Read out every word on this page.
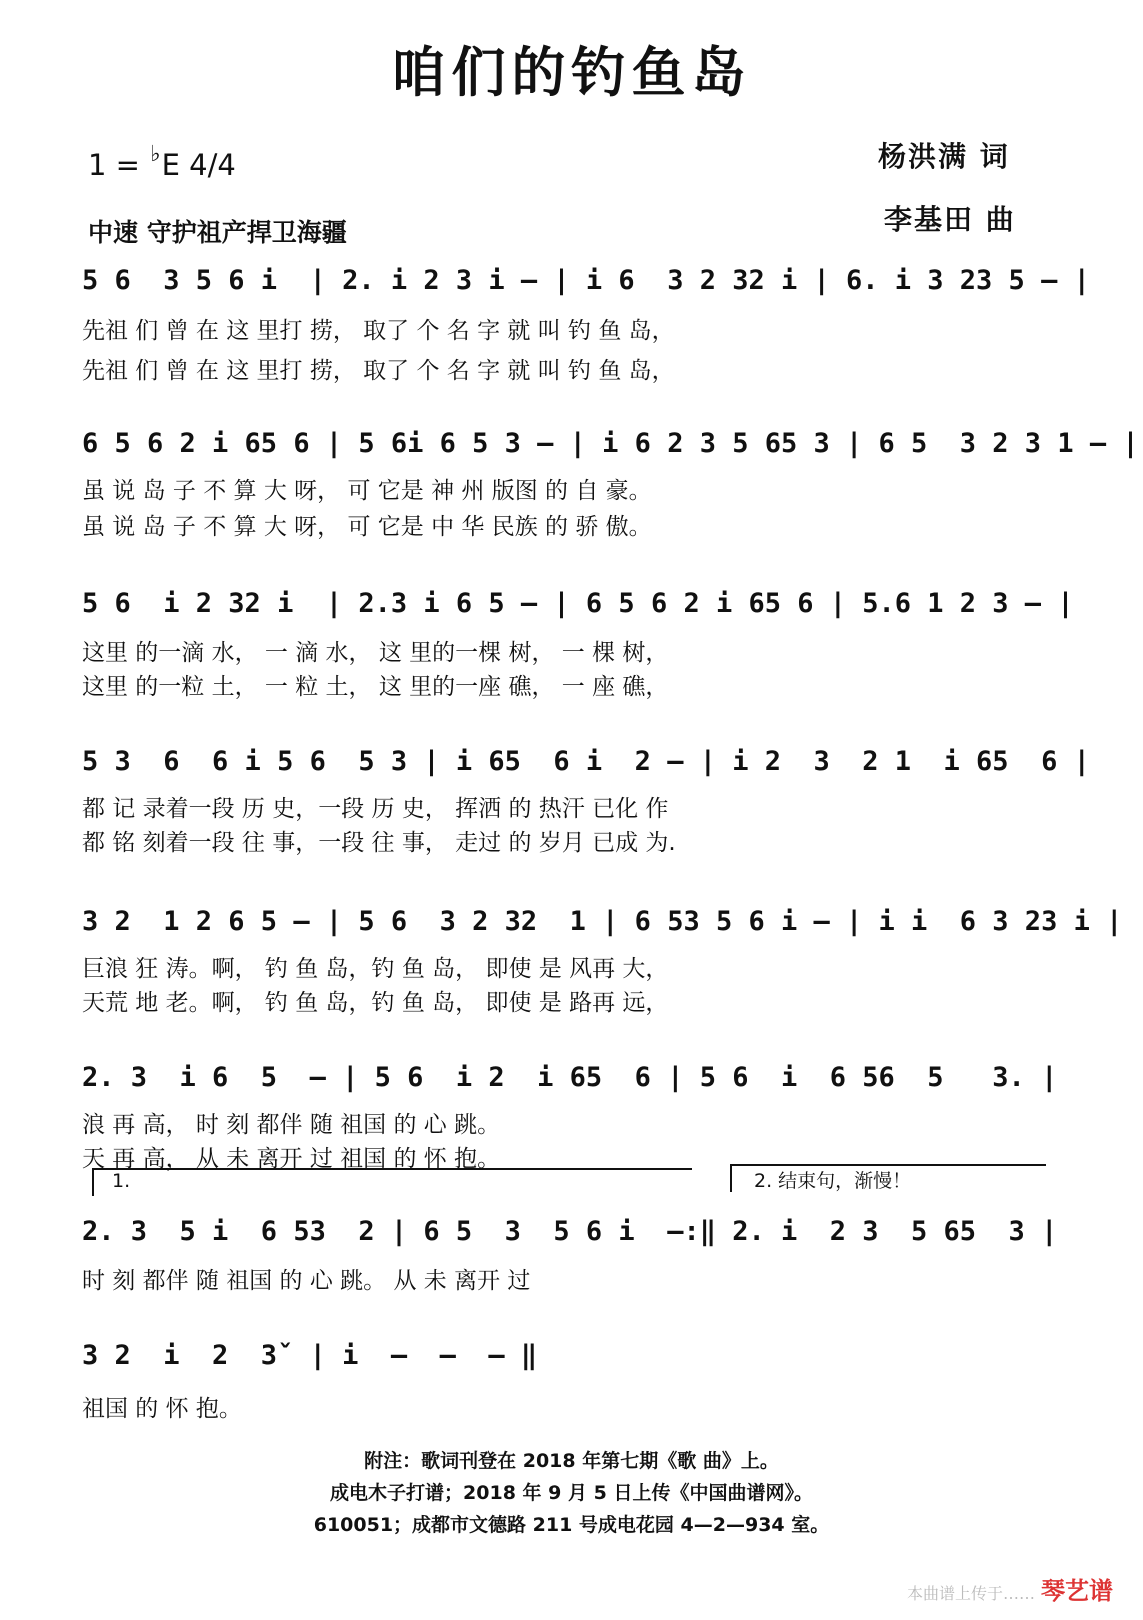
咱们的钓鱼岛
1 = ♭E 4/4
中速 守护祖产捍卫海疆
杨洪满 词
李基田 曲
5 6  3 5 6 i  | 2. i 2 3 i – | i 6  3 2 32 i | 6. i 3 23 5 – |
先祖 们 曾 在 这 里打 捞， 取了 个 名 字 就 叫 钓 鱼 岛，
先祖 们 曾 在 这 里打 捞， 取了 个 名 字 就 叫 钓 鱼 岛，
6 5 6 2 i 65 6 | 5 6i 6 5 3 – | i 6 2 3 5 65 3 | 6 5  3 2 3 1 – |
虽 说 岛 子 不 算 大 呀， 可 它是 神 州 版图 的 自 豪。
虽 说 岛 子 不 算 大 呀， 可 它是 中 华 民族 的 骄 傲。
5 6  i 2 32 i  | 2.3 i 6 5 – | 6 5 6 2 i 65 6 | 5.6 1 2 3 – |
这里 的一滴 水， 一 滴 水， 这 里的一棵 树， 一 棵 树，
这里 的一粒 土， 一 粒 土， 这 里的一座 礁， 一 座 礁，
5 3  6  6 i 5 6  5 3 | i 65  6 i  2 – | i 2  3  2 1  i 65  6 |
都 记 录着一段 历 史，一段 历 史， 挥洒 的 热汗 已化 作
都 铭 刻着一段 往 事，一段 往 事， 走过 的 岁月 已成 为.
3 2  1 2 6 5 – | 5 6  3 2 32  1 | 6 53 5 6 i – | i i  6 3 23 i |
巨浪 狂 涛。啊， 钓 鱼 岛，钓 鱼 岛， 即使 是 风再 大，
天荒 地 老。啊， 钓 鱼 岛，钓 鱼 岛， 即使 是 路再 远，
2. 3  i 6  5  – | 5 6  i 2  i 65  6 | 5 6  i  6 56  5   3. |
浪 再 高， 时 刻 都伴 随 祖国 的 心 跳。
天 再 高， 从 未 离开 过 祖国 的 怀 抱。
1.	2. 结束句，渐慢！
2. 3  5 i  6 53  2 | 6 5  3  5 6 i  –:‖ 2. i  2 3  5 65  3 |
时 刻 都伴 随 祖国 的 心 跳。 从 未 离开 过
3 2  i  2  3ˇ | i  –  –  – ‖
祖国 的 怀 抱。
附注：歌词刊登在 2018 年第七期《歌 曲》上。
成电木子打谱；2018 年 9 月 5 日上传《中国曲谱网》。
610051；成都市文德路 211 号成电花园 4—2—934 室。
本曲谱上传于…… 琴艺谱
